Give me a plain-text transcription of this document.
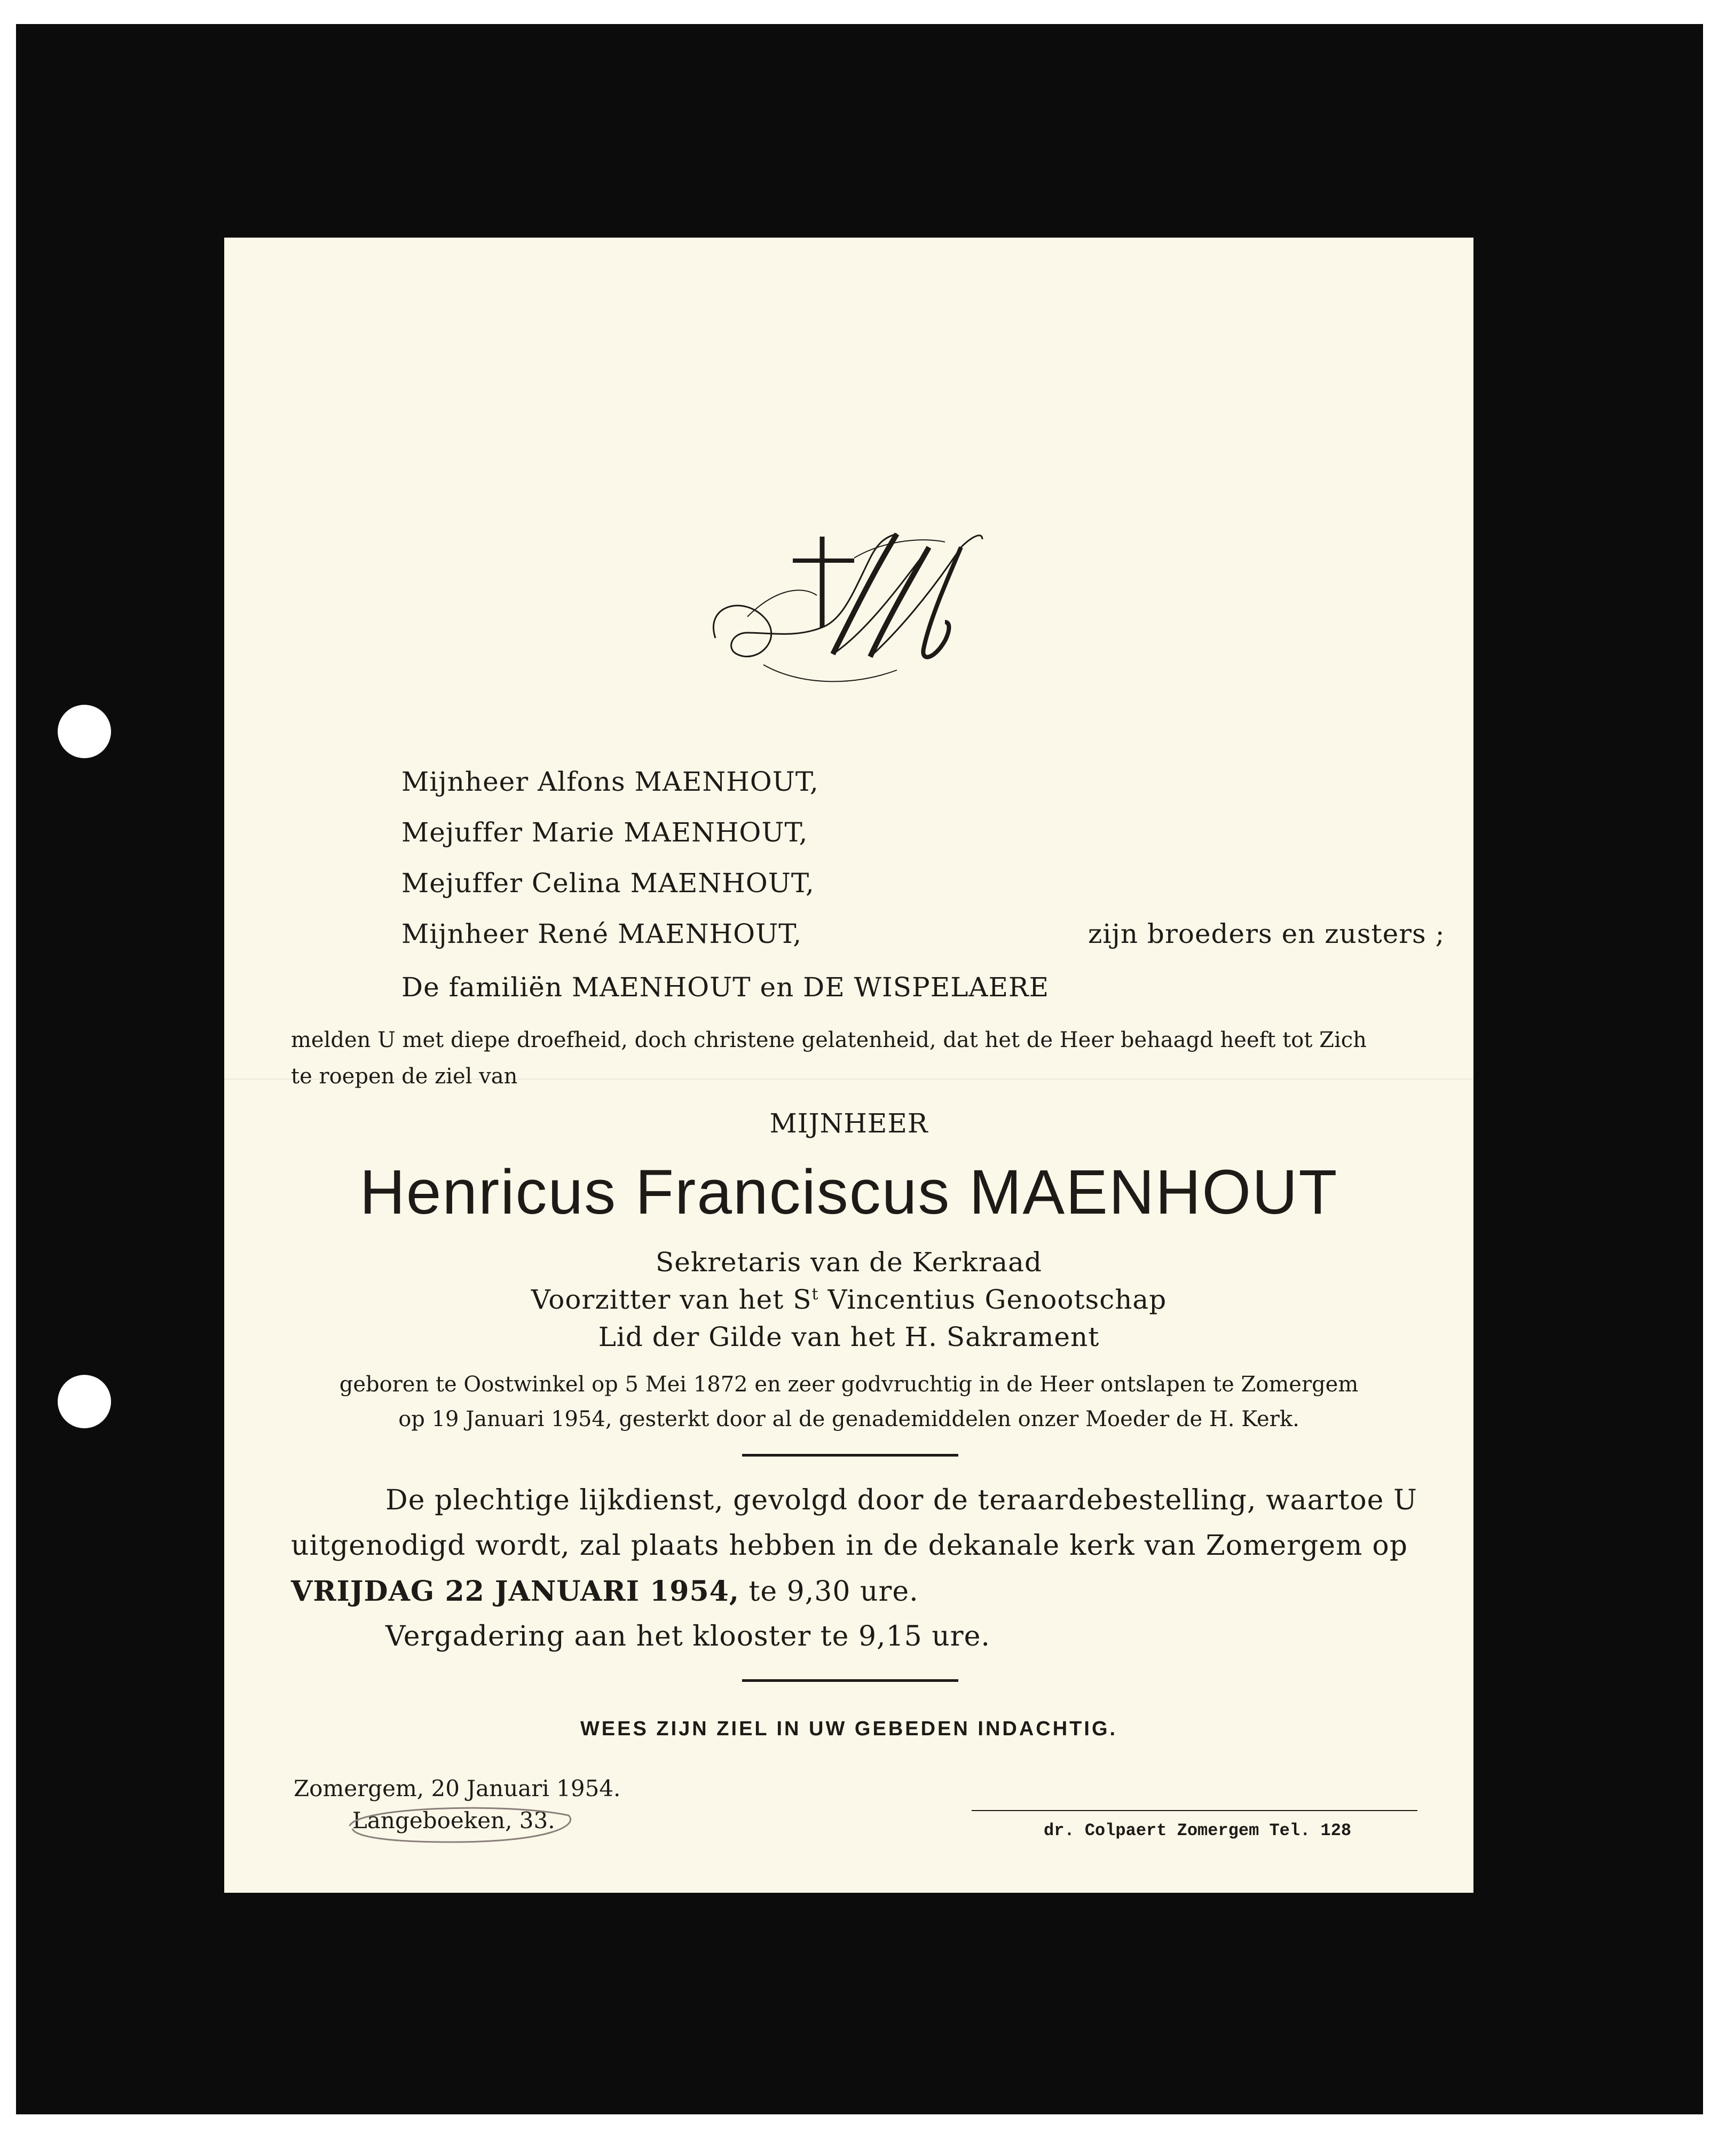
Mijnheer Alfons MAENHOUT,
Mejuffer Marie MAENHOUT,
Mejuffer Celina MAENHOUT,
Mijnheer René MAENHOUT,	zijn broeders en zusters ;
De familiën MAENHOUT en DE WISPELAERE
melden U met diepe droefheid, doch christene gelatenheid, dat het de Heer behaagd heeft tot Zich
te roepen de ziel van
MIJNHEER
Henricus Franciscus MAENHOUT
Sekretaris van de Kerkraad
Voorzitter van het $S^t$ Vincentius Genootschap
Lid der Gilde van het H. Sakrament
geboren te Oostwinkel op 5 Mei 1872 en zeer godvruchtig in de Heer ontslapen te Zomergem
op 19 Januari 1954, gesterkt door al de genademiddelen onzer Moeder de H. Kerk.
De plechtige lijkdienst, gevolgd door de teraardebestelling, waartoe U
uitgenodigd wordt, zal plaats hebben in de dekanale kerk van Zomergem op
VRIJDAG 22 JANUARI 1954, te 9,30 ure.
Vergadering aan het klooster te 9,15 ure.
WEES ZIJN ZIEL IN UW GEBEDEN INDACHTIG.
Zomergem, 20 Januari 1954.
Langeboeken, 33.	dr. Colpaert Zomergem Tel. 128
